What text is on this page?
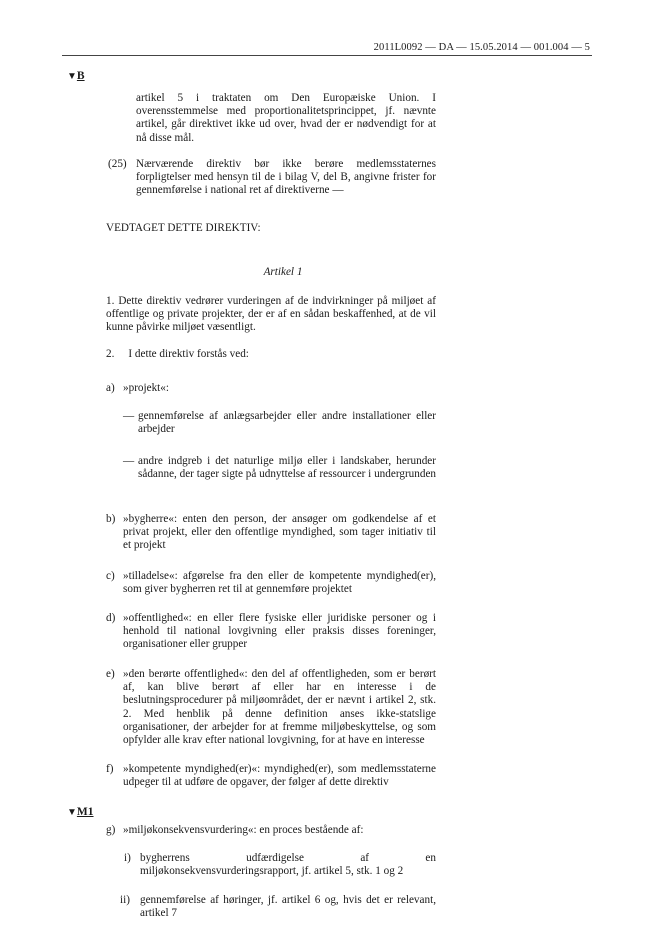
2011L0092 — DA — 15.05.2014 — 001.004 — 5
▼B
artikel 5 i traktaten om Den Europæiske Union. I overensstemmelse med proportionalitetsprincippet, jf. nævnte artikel, går direktivet ikke ud over, hvad der er nødvendigt for at nå disse mål.
(25) Nærværende direktiv bør ikke berøre medlemsstaternes forpligtelser med hensyn til de i bilag V, del B, angivne frister for gennemførelse i national ret af direktiverne —
VEDTAGET DETTE DIREKTIV:
Artikel 1
1. Dette direktiv vedrører vurderingen af de indvirkninger på miljøet af offentlige og private projekter, der er af en sådan beskaffenhed, at de vil kunne påvirke miljøet væsentligt.
2.     I dette direktiv forstås ved:
a) »projekt«:
— gennemførelse af anlægsarbejder eller andre installationer eller arbejder
— andre indgreb i det naturlige miljø eller i landskaber, herunder sådanne, der tager sigte på udnyttelse af ressourcer i undergrunden
b) »bygherre«: enten den person, der ansøger om godkendelse af et privat projekt, eller den offentlige myndighed, som tager initiativ til et projekt
c) »tilladelse«: afgørelse fra den eller de kompetente myndighed(er), som giver bygherren ret til at gennemføre projektet
d) »offentlighed«: en eller flere fysiske eller juridiske personer og i henhold til national lovgivning eller praksis disses foreninger, organisationer eller grupper
e) »den berørte offentlighed«: den del af offentligheden, som er berørt af, kan blive berørt af eller har en interesse i de beslutningsprocedurer på miljøområdet, der er nævnt i artikel 2, stk. 2. Med henblik på denne definition anses ikke-statslige organisationer, der arbejder for at fremme miljøbeskyttelse, og som opfylder alle krav efter national lovgivning, for at have en interesse
f) »kompetente myndighed(er)«: myndighed(er), som medlemsstaterne udpeger til at udføre de opgaver, der følger af dette direktiv
▼M1
g) »miljøkonsekvensvurdering«: en proces bestående af:
i) bygherrens udfærdigelse af en miljøkonsekvensvurderingsrapport, jf. artikel 5, stk. 1 og 2
ii) gennemførelse af høringer, jf. artikel 6 og, hvis det er relevant, artikel 7
